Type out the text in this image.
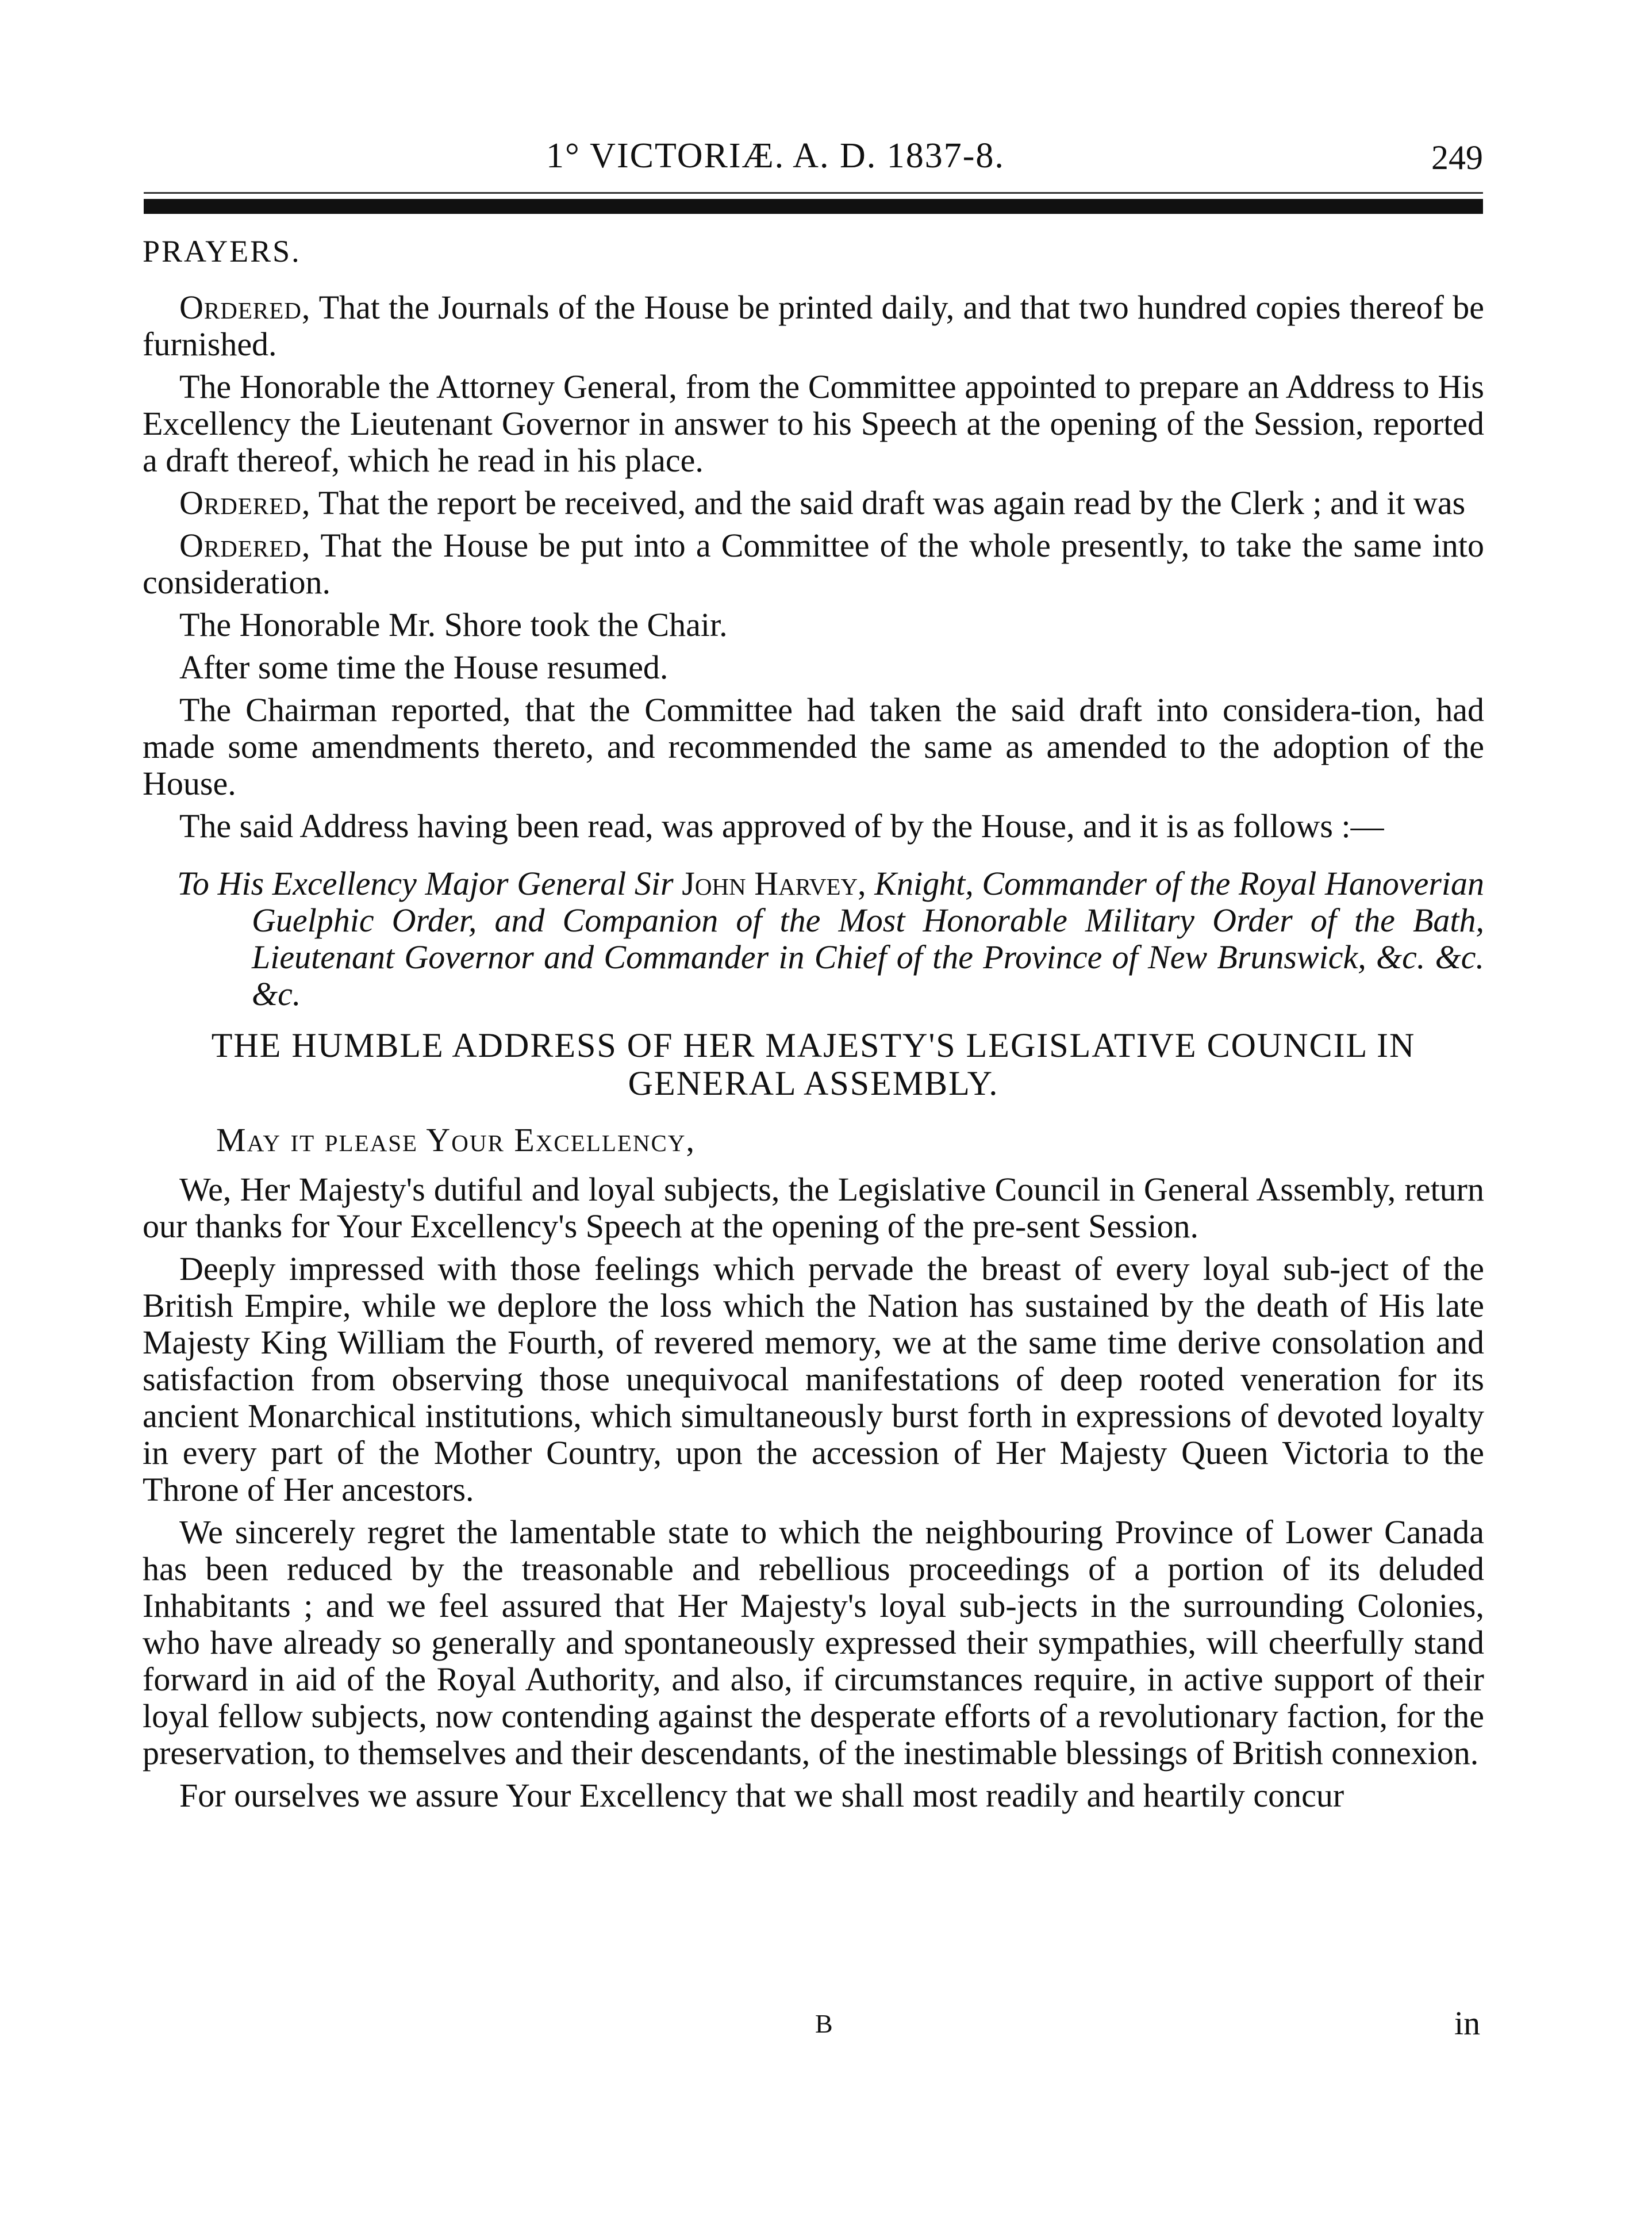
1° VICTORIÆ. A. D. 1837-8.	249
PRAYERS.

Ordered, That the Journals of the House be printed daily, and that two hundred copies thereof be furnished.

The Honorable the Attorney General, from the Committee appointed to prepare an Address to His Excellency the Lieutenant Governor in answer to his Speech at the opening of the Session, reported a draft thereof, which he read in his place.

Ordered, That the report be received, and the said draft was again read by the Clerk ; and it was

Ordered, That the House be put into a Committee of the whole presently, to take the same into consideration.

The Honorable Mr. Shore took the Chair.

After some time the House resumed.

The Chairman reported, that the Committee had taken the said draft into considera-tion, had made some amendments thereto, and recommended the same as amended to the adoption of the House.

The said Address having been read, was approved of by the House, and it is as follows :—

To His Excellency Major General Sir John Harvey, Knight, Commander of the Royal Hanoverian Guelphic Order, and Companion of the Most Honorable Military Order of the Bath, Lieutenant Governor and Commander in Chief of the Province of New Brunswick, &c. &c. &c.

THE HUMBLE ADDRESS OF HER MAJESTY'S LEGISLATIVE COUNCIL IN GENERAL ASSEMBLY.
May it please Your Excellency,

We, Her Majesty's dutiful and loyal subjects, the Legislative Council in General Assembly, return our thanks for Your Excellency's Speech at the opening of the pre-sent Session.

Deeply impressed with those feelings which pervade the breast of every loyal sub-ject of the British Empire, while we deplore the loss which the Nation has sustained by the death of His late Majesty King William the Fourth, of revered memory, we at the same time derive consolation and satisfaction from observing those unequivocal manifestations of deep rooted veneration for its ancient Monarchical institutions, which simultaneously burst forth in expressions of devoted loyalty in every part of the Mother Country, upon the accession of Her Majesty Queen Victoria to the Throne of Her ancestors.

We sincerely regret the lamentable state to which the neighbouring Province of Lower Canada has been reduced by the treasonable and rebellious proceedings of a portion of its deluded Inhabitants ; and we feel assured that Her Majesty's loyal sub-jects in the surrounding Colonies, who have already so generally and spontaneously expressed their sympathies, will cheerfully stand forward in aid of the Royal Authority, and also, if circumstances require, in active support of their loyal fellow subjects, now contending against the desperate efforts of a revolutionary faction, for the preservation, to themselves and their descendants, of the inestimable blessings of British connexion.

For ourselves we assure Your Excellency that we shall most readily and heartily concur

B	in
